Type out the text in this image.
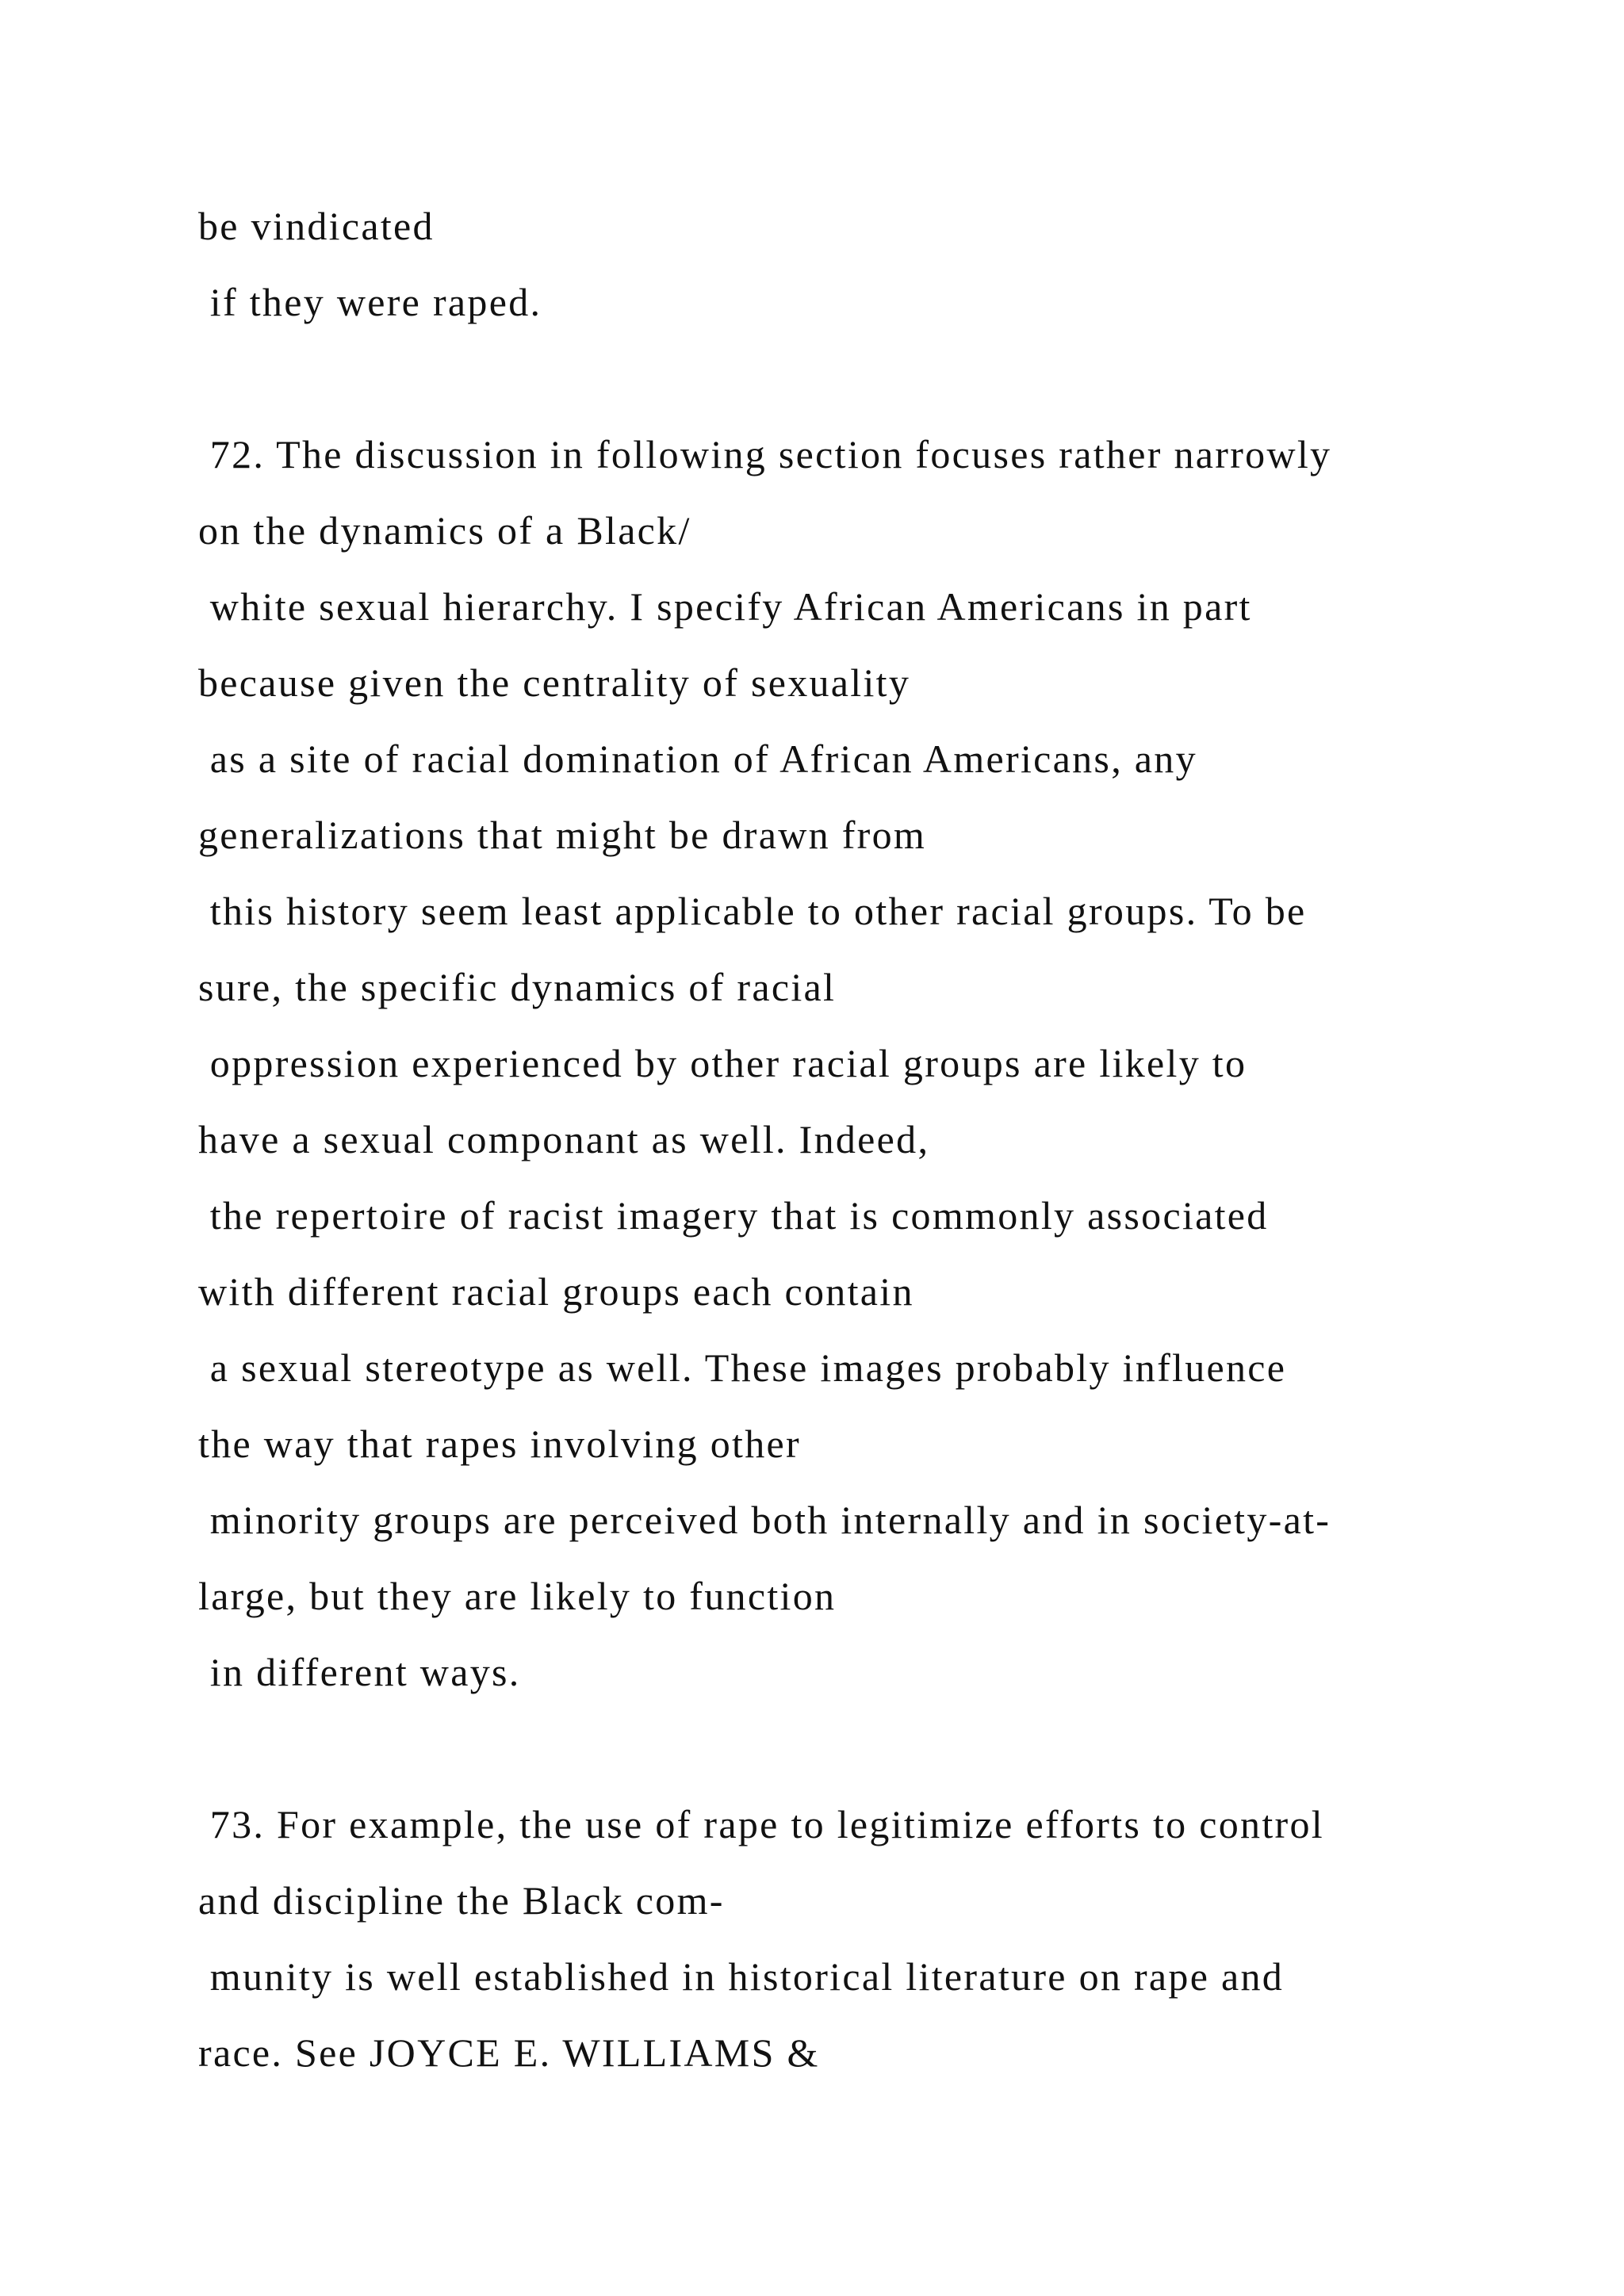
be vindicated
if they were raped.
72. The discussion in following section focuses rather narrowly
on the dynamics of a Black/
white sexual hierarchy. I specify African Americans in part
because given the centrality of sexuality
as a site of racial domination of African Americans, any
generalizations that might be drawn from
this history seem least applicable to other racial groups. To be
sure, the specific dynamics of racial
oppression experienced by other racial groups are likely to
have a sexual componant as well. Indeed,
the repertoire of racist imagery that is commonly associated
with different racial groups each contain
a sexual stereotype as well. These images probably influence
the way that rapes involving other
minority groups are perceived both internally and in society-at-
large, but they are likely to function
in different ways.
73. For example, the use of rape to legitimize efforts to control
and discipline the Black com-
munity is well established in historical literature on rape and
race. See JOYCE E. WILLIAMS &
